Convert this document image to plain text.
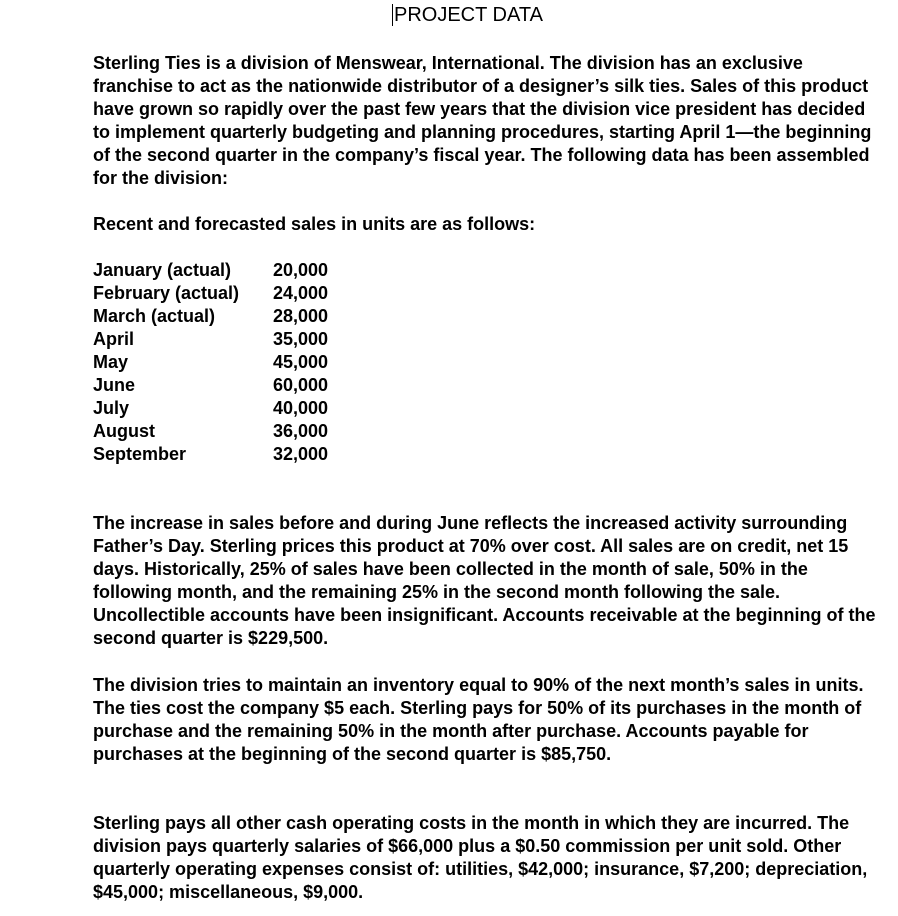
PROJECT DATA

Sterling Ties is a division of Menswear, International. The division has an exclusive franchise to act as the nationwide distributor of a designer’s silk ties. Sales of this product have grown so rapidly over the past few years that the division vice president has decided to implement quarterly budgeting and planning procedures, starting April 1—the beginning of the second quarter in the company’s fiscal year. The following data has been assembled for the division:

Recent and forecasted sales in units are as follows:

January (actual)	20,000
February (actual)	24,000
March (actual)	28,000
April	35,000
May	45,000
June	60,000
July	40,000
August	36,000
September	32,000

The increase in sales before and during June reflects the increased activity surrounding Father’s Day. Sterling prices this product at 70% over cost. All sales are on credit, net 15 days. Historically, 25% of sales have been collected in the month of sale, 50% in the following month, and the remaining 25% in the second month following the sale. Uncollectible accounts have been insignificant. Accounts receivable at the beginning of the second quarter is $229,500.

The division tries to maintain an inventory equal to 90% of the next month’s sales in units. The ties cost the company $5 each. Sterling pays for 50% of its purchases in the month of purchase and the remaining 50% in the month after purchase. Accounts payable for purchases at the beginning of the second quarter is $85,750.

Sterling pays all other cash operating costs in the month in which they are incurred. The division pays quarterly salaries of $66,000 plus a $0.50 commission per unit sold. Other quarterly operating expenses consist of: utilities, $42,000; insurance, $7,200; depreciation, $45,000; miscellaneous, $9,000.
